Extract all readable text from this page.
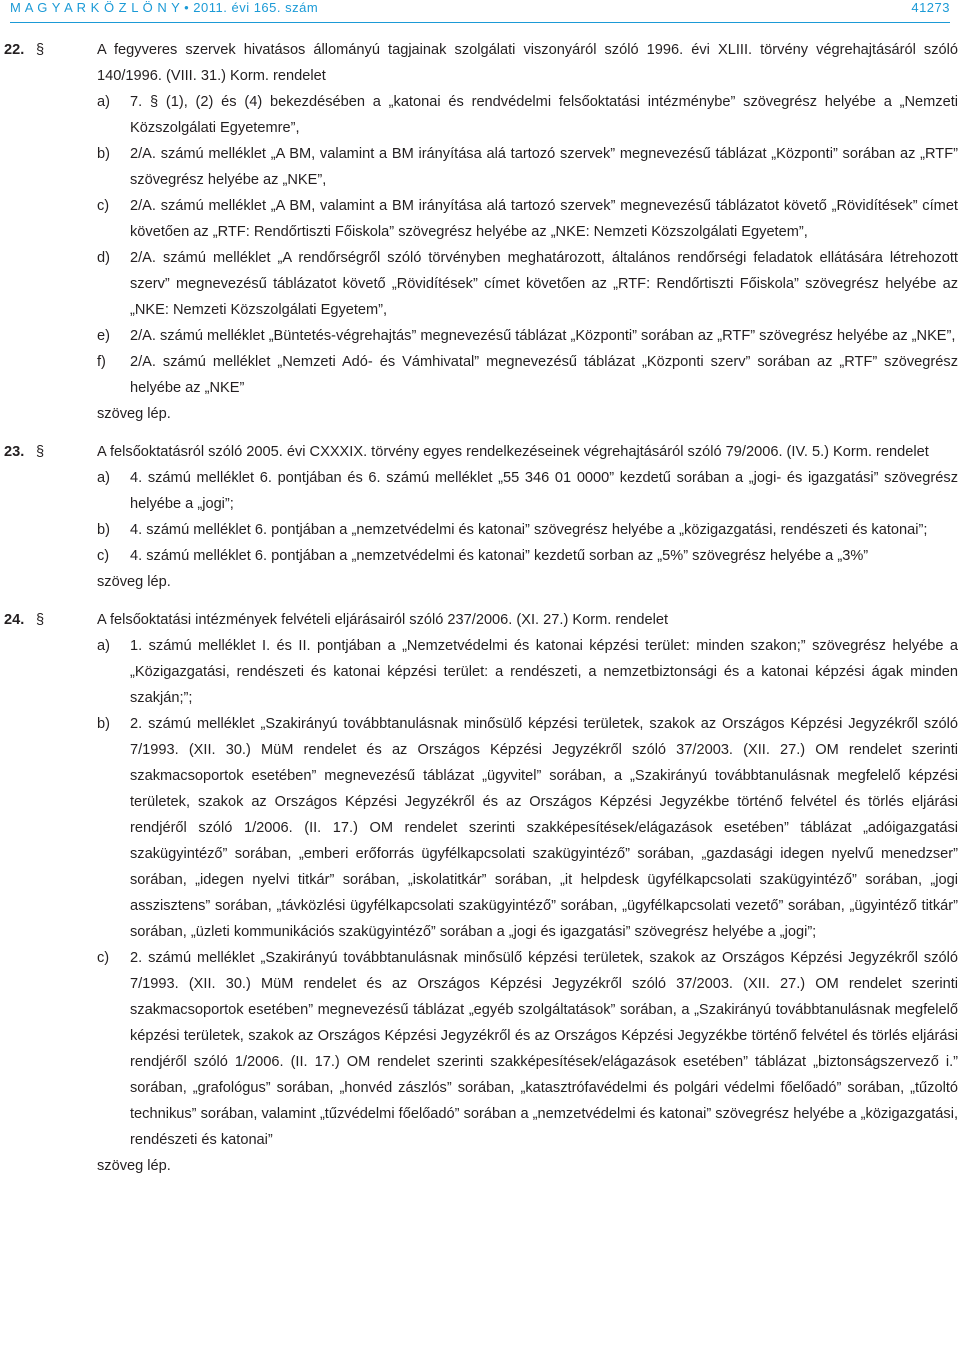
M A G Y A R K Ö Z L Ö N Y • 2011. évi 165. szám	41273
22. §	A fegyveres szervek hivatásos állományú tagjainak szolgálati viszonyáról szóló 1996. évi XLIII. törvény végrehajtásáról szóló 140/1996. (VIII. 31.) Korm. rendelet
a)	7. § (1), (2) és (4) bekezdésében a „katonai és rendvédelmi felsőoktatási intézménybe” szövegrész helyébe a „Nemzeti Közszolgálati Egyetemre”,
b)	2/A. számú melléklet „A BM, valamint a BM irányítása alá tartozó szervek” megnevezésű táblázat „Központi” sorában az „RTF” szövegrész helyébe az „NKE”,
c)	2/A. számú melléklet „A BM, valamint a BM irányítása alá tartozó szervek” megnevezésű táblázatot követő „Rövidítések” címet követően az „RTF: Rendőrtiszti Főiskola” szövegrész helyébe az „NKE: Nemzeti Közszolgálati Egyetem”,
d)	2/A. számú melléklet „A rendőrségről szóló törvényben meghatározott, általános rendőrségi feladatok ellátására létrehozott szerv” megnevezésű táblázatot követő „Rövidítések” címet követően az „RTF: Rendőrtiszti Főiskola” szövegrész helyébe az „NKE: Nemzeti Közszolgálati Egyetem”,
e)	2/A. számú melléklet „Büntetés-végrehajtás” megnevezésű táblázat „Központi” sorában az „RTF” szövegrész helyébe az „NKE”,
f)	2/A. számú melléklet „Nemzeti Adó- és Vámhivatal” megnevezésű táblázat „Központi szerv” sorában az „RTF” szövegrész helyébe az „NKE”
szöveg lép.
23. §	A felsőoktatásról szóló 2005. évi CXXXIX. törvény egyes rendelkezéseinek végrehajtásáról szóló 79/2006. (IV. 5.) Korm. rendelet
a)	4. számú melléklet 6. pontjában és 6. számú melléklet „55 346 01 0000” kezdetű sorában a „jogi- és igazgatási” szövegrész helyébe a „jogi”;
b)	4. számú melléklet 6. pontjában a „nemzetvédelmi és katonai” szövegrész helyébe a „közigazgatási, rendészeti és katonai”;
c)	4. számú melléklet 6. pontjában a „nemzetvédelmi és katonai” kezdetű sorban az „5%” szövegrész helyébe a „3%”
szöveg lép.
24. §	A felsőoktatási intézmények felvételi eljárásairól szóló 237/2006. (XI. 27.) Korm. rendelet
a)	1. számú melléklet I. és II. pontjában a „Nemzetvédelmi és katonai képzési terület: minden szakon;” szövegrész helyébe a „Közigazgatási, rendészeti és katonai képzési terület: a rendészeti, a nemzetbiztonsági és a katonai képzési ágak minden szakján;”;
b)	2. számú melléklet „Szakirányú továbbtanulásnak minősülő képzési területek, szakok az Országos Képzési Jegyzékről szóló 7/1993. (XII. 30.) MüM rendelet és az Országos Képzési Jegyzékről szóló 37/2003. (XII. 27.) OM rendelet szerinti szakmacsoportok esetében” megnevezésű táblázat „ügyvitel” sorában, a „Szakirányú továbbtanulásnak megfelelő képzési területek, szakok az Országos Képzési Jegyzékről és az Országos Képzési Jegyzékbe történő felvétel és törlés eljárási rendjéről szóló 1/2006. (II. 17.) OM rendelet szerinti szakképesítések/elágazások esetében” táblázat „adóigazgatási szakügyintéző” sorában, „emberi erőforrás ügyfélkapcsolati szakügyintéző” sorában, „gazdasági idegen nyelvű menedzser” sorában, „idegen nyelvi titkár” sorában, „iskolatitkár” sorában, „it helpdesk ügyfélkapcsolati szakügyintéző” sorában, „jogi asszisztens” sorában, „távközlési ügyfélkapcsolati szakügyintéző” sorában, „ügyfélkapcsolati vezető” sorában, „ügyintéző titkár” sorában, „üzleti kommunikációs szakügyintéző” sorában a „jogi és igazgatási” szövegrész helyébe a „jogi”;
c)	2. számú melléklet „Szakirányú továbbtanulásnak minősülő képzési területek, szakok az Országos Képzési Jegyzékről szóló 7/1993. (XII. 30.) MüM rendelet és az Országos Képzési Jegyzékről szóló 37/2003. (XII. 27.) OM rendelet szerinti szakmacsoportok esetében” megnevezésű táblázat „egyéb szolgáltatások” sorában, a „Szakirányú továbbtanulásnak megfelelő képzési területek, szakok az Országos Képzési Jegyzékről és az Országos Képzési Jegyzékbe történő felvétel és törlés eljárási rendjéről szóló 1/2006. (II. 17.) OM rendelet szerinti szakképesítések/elágazások esetében” táblázat „biztonságszervező i.” sorában, „grafológus” sorában, „honvéd zászlós” sorában, „katasztrófavédelmi és polgári védelmi főelőadó” sorában, „tűzoltó technikus” sorában, valamint „tűzvédelmi főelőadó” sorában a „nemzetvédelmi és katonai” szövegrész helyébe a „közigazgatási, rendészeti és katonai”
szöveg lép.
